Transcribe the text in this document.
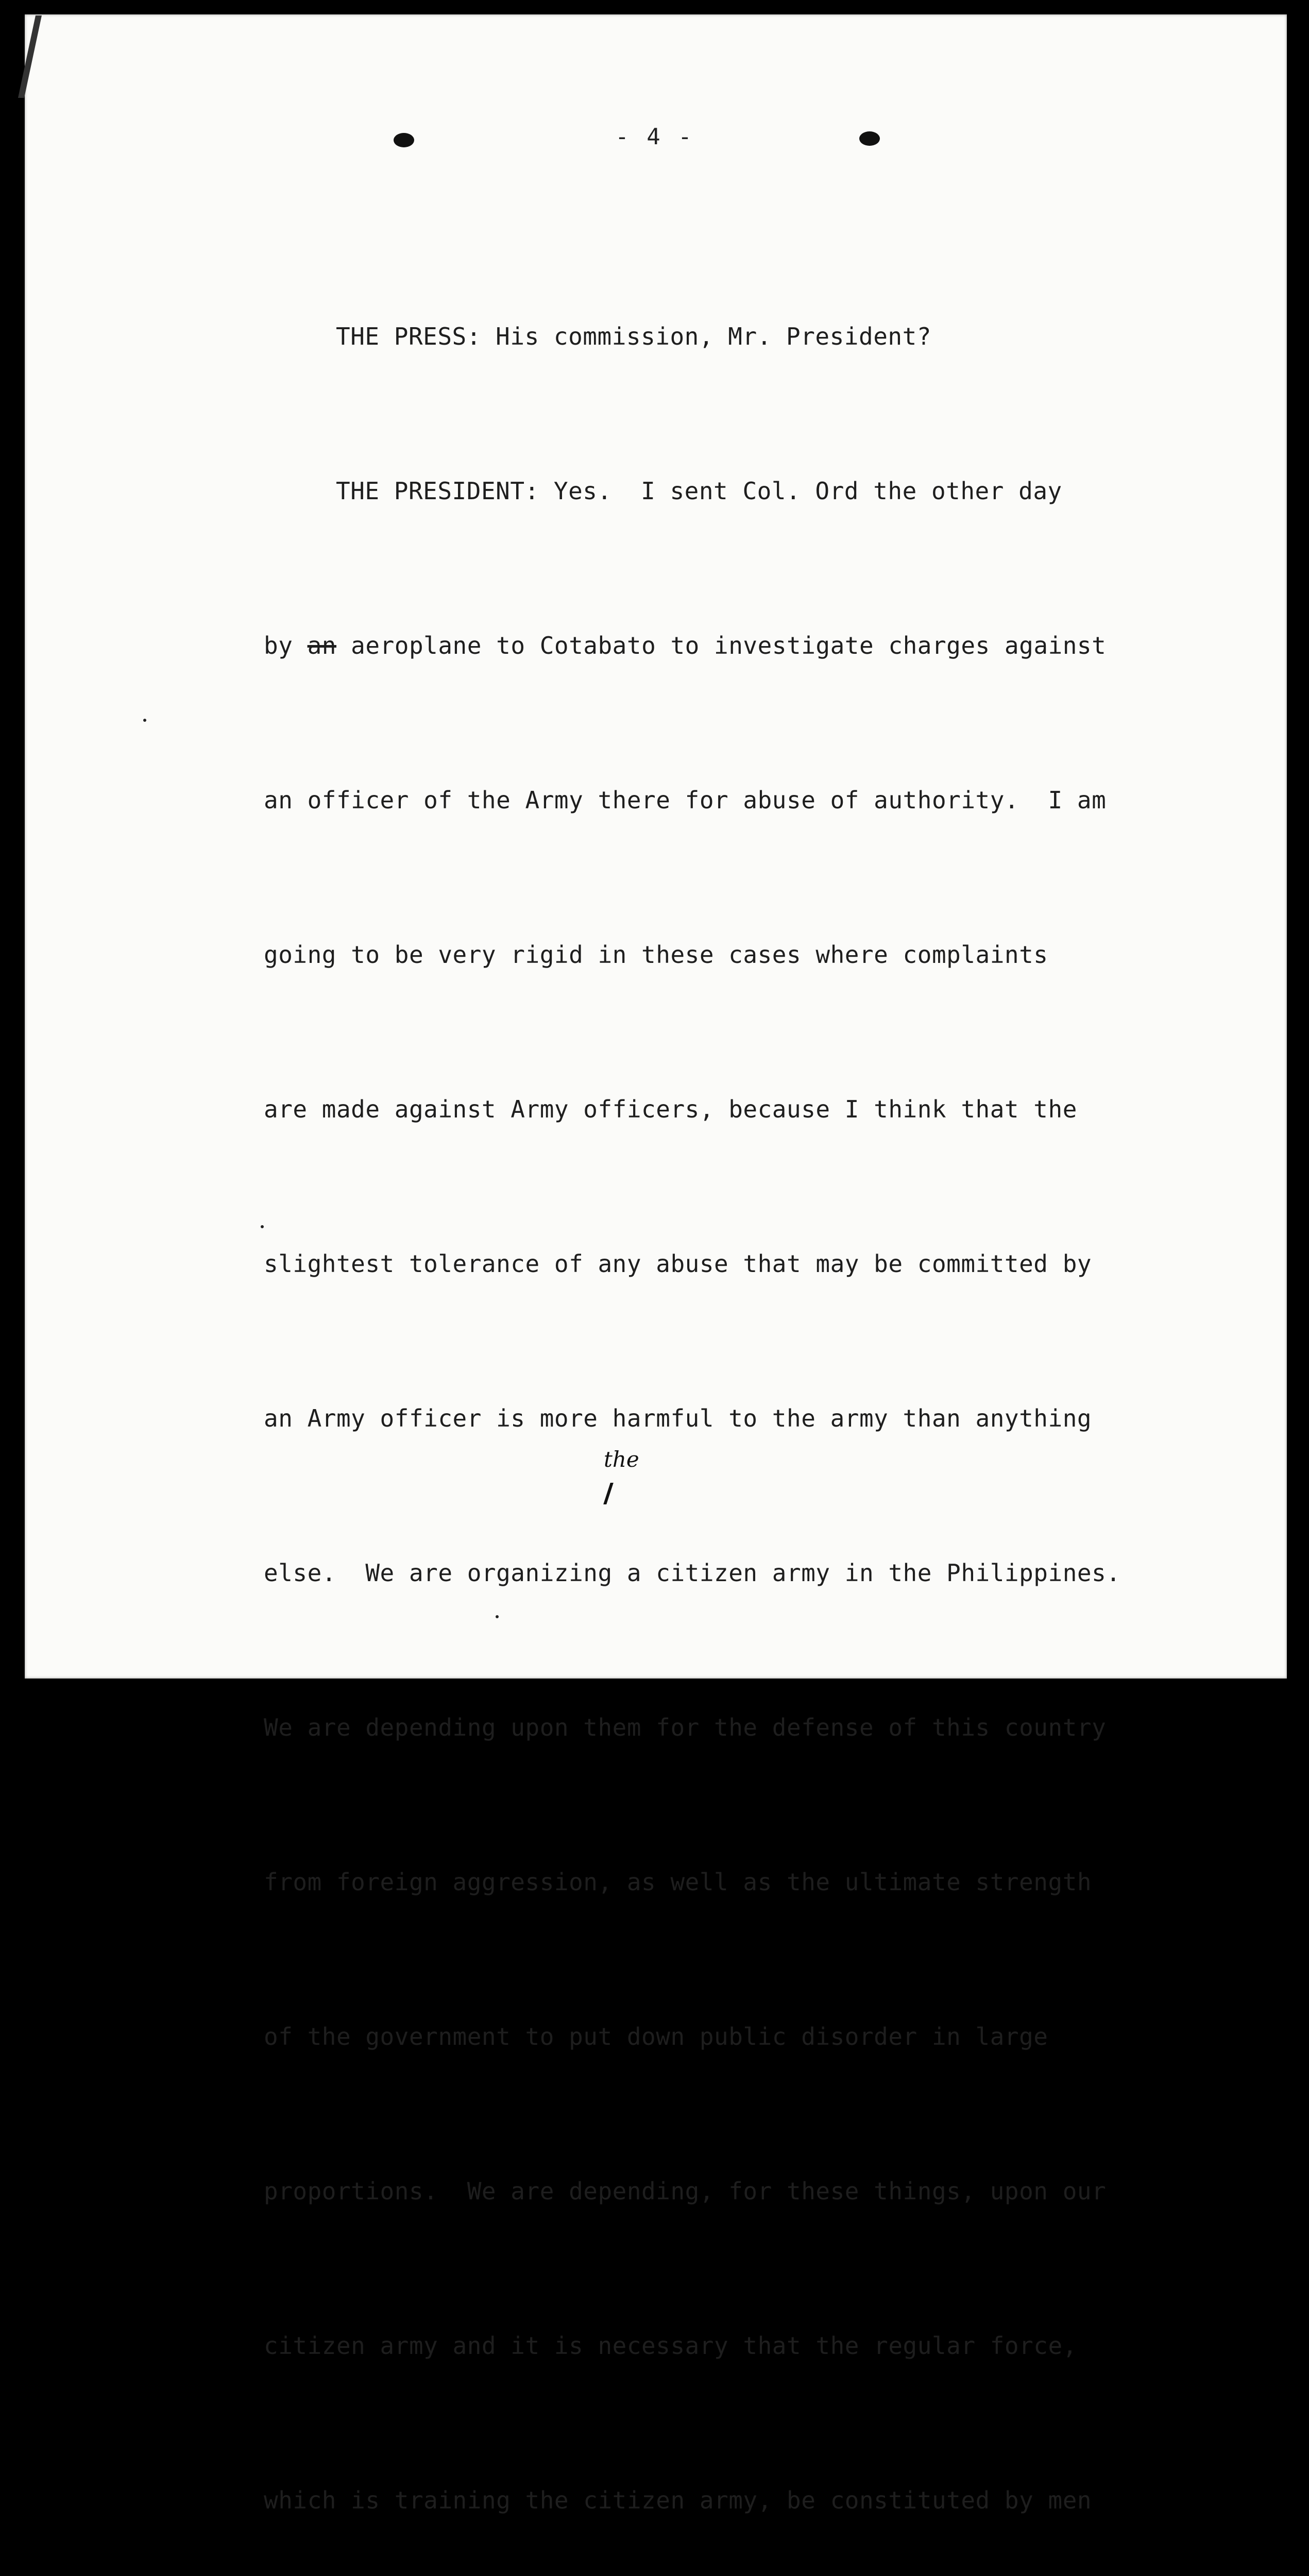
- 4 -

THE PRESS: His commission, Mr. President?

THE PRESIDENT: Yes.  I sent Col. Ord the other day

by an aeroplane to Cotabato to investigate charges against

an officer of the Army there for abuse of authority.  I am

going to be very rigid in these cases where complaints

are made against Army officers, because I think that the

slightest tolerance of any abuse that may be committed by

an Army officer is more harmful to the army than anything

else.  We are organizing a citizen army in the Philippines.

We are depending upon them for the defense of this country

from foreign aggression, as well as the ultimate strength

of the government to put down public disorder in large

proportions.  We are depending, for these things, upon our

citizen army and it is necessary that the regular force,

which is training the citizen army, be constituted by men

the
